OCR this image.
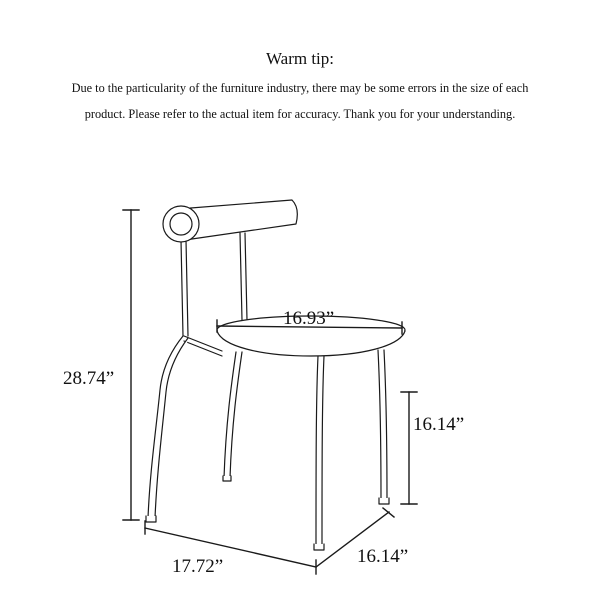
Warm tip:
Due to the particularity of the furniture industry, there may be some errors in the size of each
product. Please refer to the actual item for accuracy. Thank you for your understanding.
28.74”
16.93”
16.14”
17.72”	16.14”
